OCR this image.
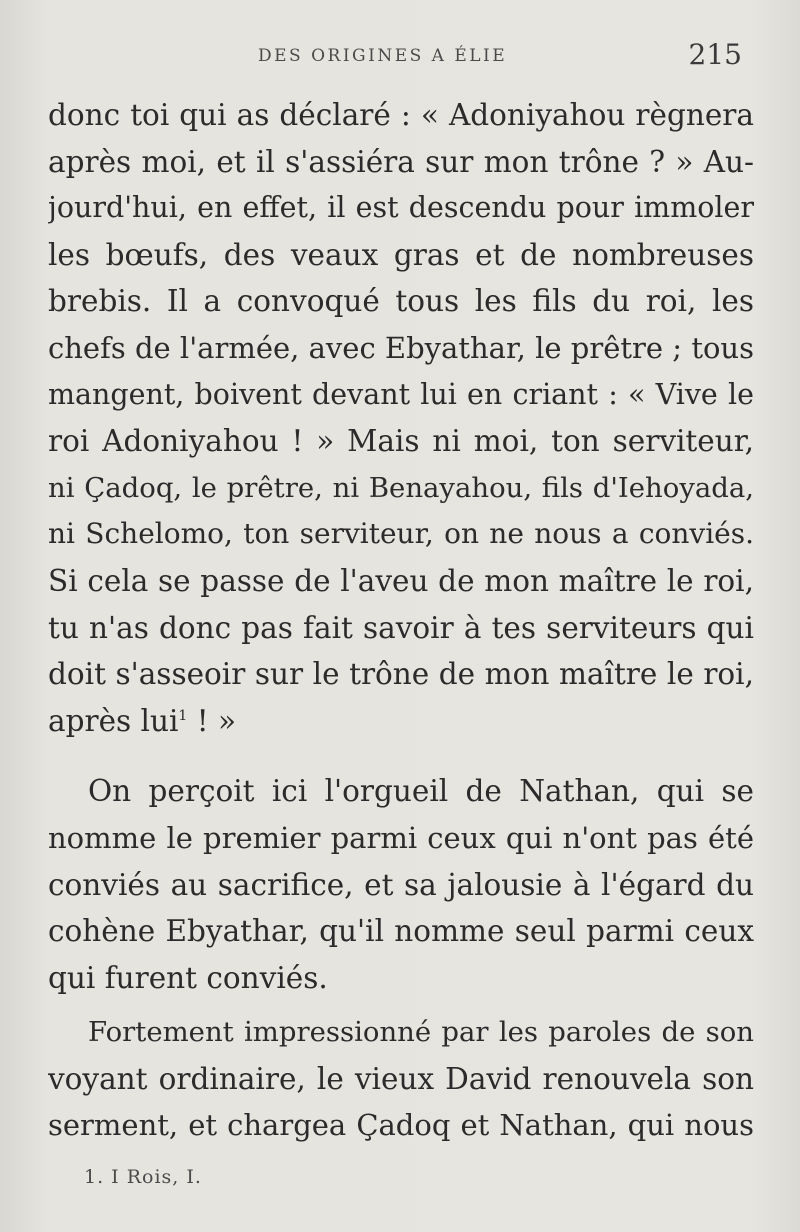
DES ORIGINES A ÉLIE	215
donc toi qui as déclaré : « Adoniyahou règnera
après moi, et il s'assiéra sur mon trône ? » Au-
jourd'hui, en effet, il est descendu pour immoler
les bœufs, des veaux gras et de nombreuses
brebis. Il a convoqué tous les fils du roi, les
chefs de l'armée, avec Ebyathar, le prêtre ; tous
mangent, boivent devant lui en criant : « Vive le
roi Adoniyahou ! » Mais ni moi, ton serviteur,
ni Çadoq, le prêtre, ni Benayahou, fils d'Iehoyada,
ni Schelomo, ton serviteur, on ne nous a conviés.
Si cela se passe de l'aveu de mon maître le roi,
tu n'as donc pas fait savoir à tes serviteurs qui
doit s'asseoir sur le trône de mon maître le roi,
après lui$^1$ ! »
On perçoit ici l'orgueil de Nathan, qui se
nomme le premier parmi ceux qui n'ont pas été
conviés au sacrifice, et sa jalousie à l'égard du
cohène Ebyathar, qu'il nomme seul parmi ceux
qui furent conviés.
Fortement impressionné par les paroles de son
voyant ordinaire, le vieux David renouvela son
serment, et chargea Çadoq et Nathan, qui nous
1. I Rois, I.
